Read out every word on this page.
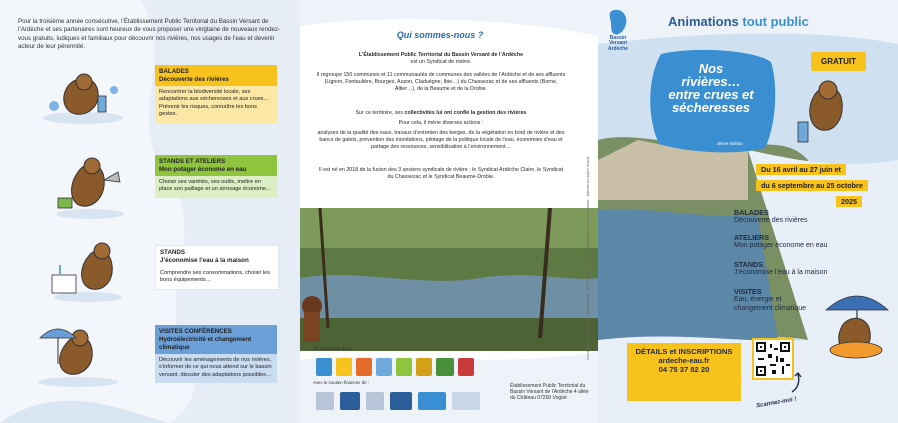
Pour la troisième année consécutive, l’Établissement Public Territorial du Bassin Versant de l’Ardèche et ses partenaires sont heureux de vous proposer une vingtaine de nouveaux rendez-vous gratuits, ludiques et familiaux pour découvrir nos rivières, nos usages de l’eau et devenir acteur de leur pérennité.
BALADES
Découverte des rivières
Rencontrer la biodiversité locale, ses adaptations aux sécheresses et aux crues… Prévenir les risques, connaître les bons gestes.
STANDS ET ATELIERS
Mon potager économe en eau
Choisir ses variétés, ses outils, mettre en place son paillage et un arrosage économe…
STANDS
J’économise l’eau à la maison
Comprendre ses consommations, choisir les bons équipements…
VISITES CONFÉRENCES
Hydroélectricité et changement climatique
Découvrir les aménagements de nos rivières, s’informer de ce qui nous attend sur le bassin versant, discuter des adaptations possibles…
Qui sommes-nous ?
L’Établissement Public Territorial du Bassin Versant de l’Ardèche
est un Syndicat de rivière.
Il regroupe 150 communes et 11 communautés de communes des vallées de l’Ardèche et de ses affluents (Lignon, Fontaulière, Bourges, Auzon, Claduègne, Ibie…) du Chassezac et de ses affluents (Borne, Altier…), de la Beaume et de la Drobie.
Sur ce territoire, ses collectivités lui ont confié la gestion des rivières
Pour cela, il mène diverses actions :
analyses de la qualité des eaux, travaux d’entretien des berges, de la végétation en bord de rivière et des bancs de galets, prévention des inondations, pilotage de la politique locale de l’eau, économies d’eau et partage des ressources, sensibilisation à l’environnement…
Il est né en 2018 de la fusion des 3 anciens syndicats de rivière : le Syndicat Ardèche Claire, le Syndicat du Chassezac et le Syndicat Beaume-Drobie.
En partenariat avec :
Avec le soutien financier de :
Établissement Public Territorial du Bassin Versant de l’Ardèche 4 allée du Château 07200 Vogüé
Conception : EPTB Ardèche · Crédits photos : EPTB Ardèche · Mai 2025 · Ne pas jeter sur la voie publique · Imprimé sur papier recyclé
Bassin Versant Ardèche
Animations tout public
GRATUIT
Nos
rivières…
entre crues et
sécheresses
3ème édition
Du 16 avril au 27 juin et
du 6 septembre au 25 octobre
2025
BALADES
Découverte des rivières
ATELIERS
Mon potager économe en eau
STANDS
J’économise l’eau à la maison
VISITES
Eau, énergie et changement climatique
DÉTAILS et INSCRIPTIONS
ardeche-eau.fr
04 75 37 82 20
Scannez-moi !
